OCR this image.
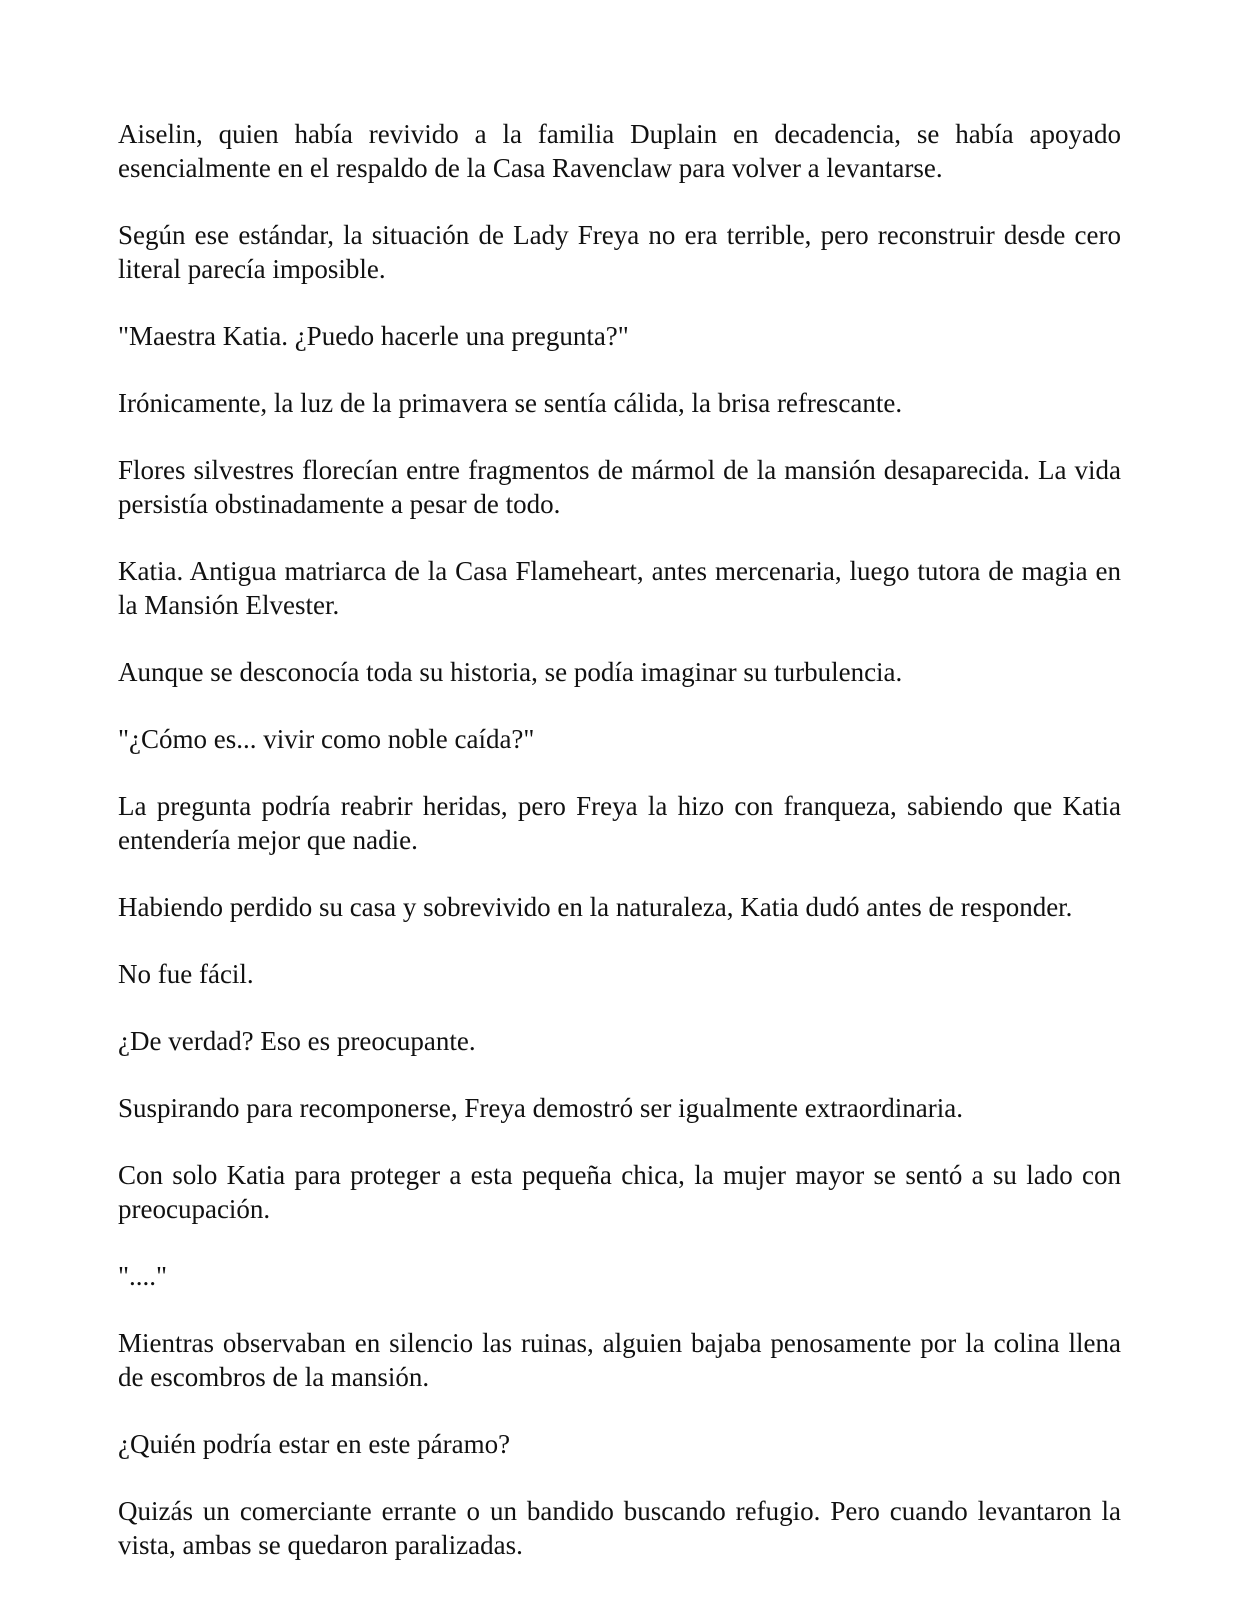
Aiselin, quien había revivido a la familia Duplain en decadencia, se había apoyado esencialmente en el respaldo de la Casa Ravenclaw para volver a levantarse.

Según ese estándar, la situación de Lady Freya no era terrible, pero reconstruir desde cero literal parecía imposible.

"Maestra Katia. ¿Puedo hacerle una pregunta?"

Irónicamente, la luz de la primavera se sentía cálida, la brisa refrescante.

Flores silvestres florecían entre fragmentos de mármol de la mansión desaparecida. La vida persistía obstinadamente a pesar de todo.

Katia. Antigua matriarca de la Casa Flameheart, antes mercenaria, luego tutora de magia en la Mansión Elvester.

Aunque se desconocía toda su historia, se podía imaginar su turbulencia.

"¿Cómo es... vivir como noble caída?"

La pregunta podría reabrir heridas, pero Freya la hizo con franqueza, sabiendo que Katia entendería mejor que nadie.

Habiendo perdido su casa y sobrevivido en la naturaleza, Katia dudó antes de responder.

No fue fácil.

¿De verdad? Eso es preocupante.

Suspirando para recomponerse, Freya demostró ser igualmente extraordinaria.

Con solo Katia para proteger a esta pequeña chica, la mujer mayor se sentó a su lado con preocupación.

"...."

Mientras observaban en silencio las ruinas, alguien bajaba penosamente por la colina llena de escombros de la mansión.

¿Quién podría estar en este páramo?

Quizás un comerciante errante o un bandido buscando refugio. Pero cuando levantaron la vista, ambas se quedaron paralizadas.
